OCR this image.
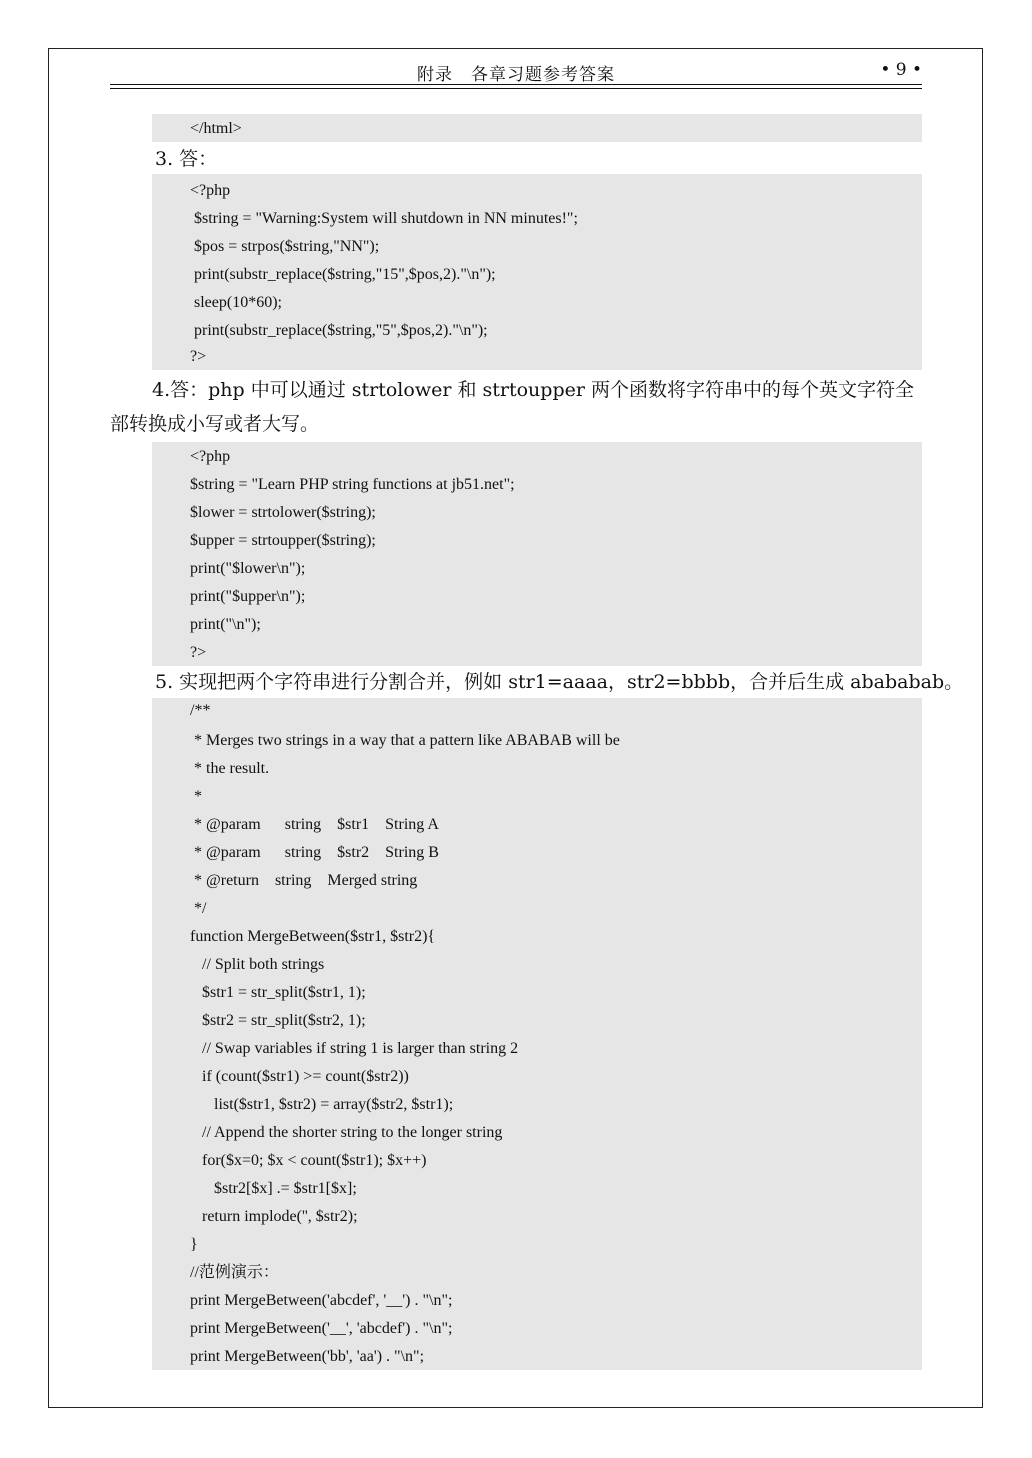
附录　各章习题参考答案	• 9 •
</html>
3. 答：
<?php
$string = "Warning:System will shutdown in NN minutes!";
$pos = strpos($string,"NN");
print(substr_replace($string,"15",$pos,2)."\n");
sleep(10*60);
print(substr_replace($string,"5",$pos,2)."\n");
?>
4.答：php 中可以通过 strtolower 和 strtoupper 两个函数将字符串中的每个英文字符全
部转换成小写或者大写。
<?php
$string = "Learn PHP string functions at jb51.net";
$lower = strtolower($string);
$upper = strtoupper($string);
print("$lower\n");
print("$upper\n");
print("\n");
?>
5. 实现把两个字符串进行分割合并，例如 str1=aaaa，str2=bbbb，合并后生成 abababab。
/**
* Merges two strings in a way that a pattern like ABABAB will be
* the result.
*
* @param      string    $str1    String A
* @param      string    $str2    String B
* @return    string    Merged string
*/
function MergeBetween($str1, $str2){
// Split both strings
$str1 = str_split($str1, 1);
$str2 = str_split($str2, 1);
// Swap variables if string 1 is larger than string 2
if (count($str1) >= count($str2))
list($str1, $str2) = array($str2, $str1);
// Append the shorter string to the longer string
for($x=0; $x < count($str1); $x++)
$str2[$x] .= $str1[$x];
return implode('', $str2);
}
//范例演示：
print MergeBetween('abcdef', '__') . "\n";
print MergeBetween('__', 'abcdef') . "\n";
print MergeBetween('bb', 'aa') . "\n";
